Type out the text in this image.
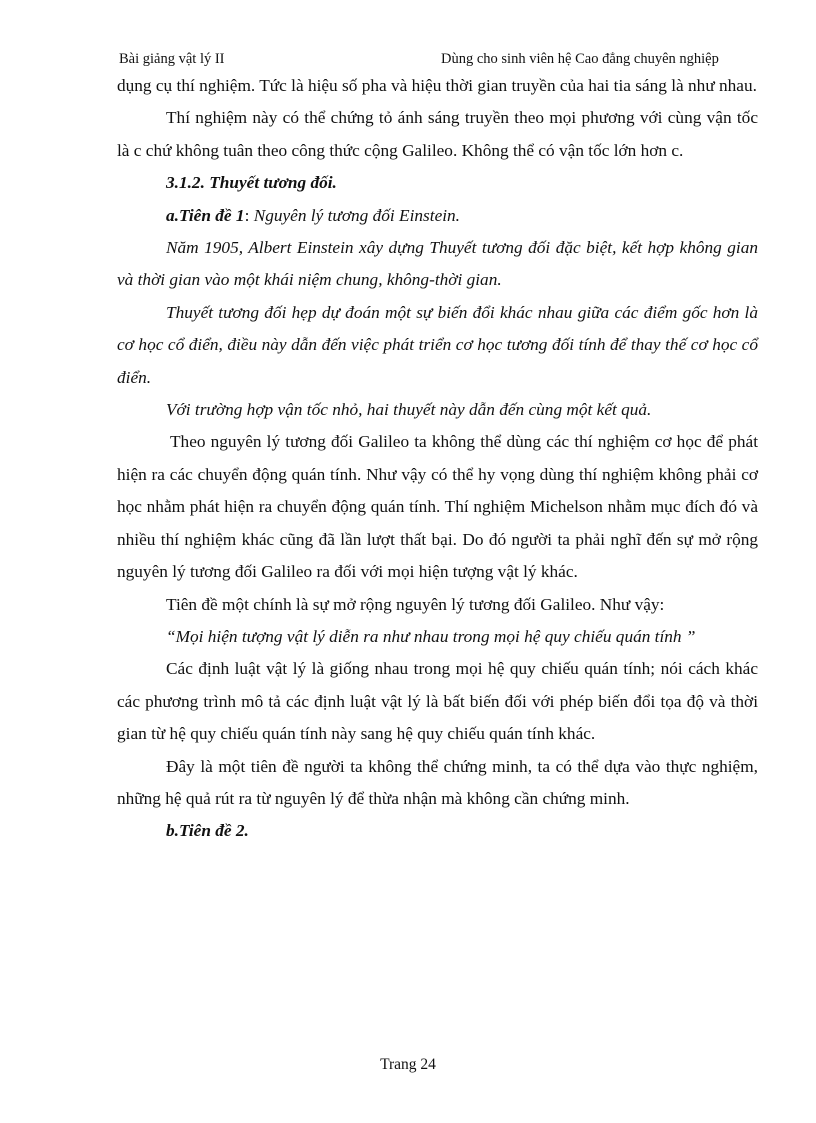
Bài giảng vật lý II	Dùng cho sinh viên hệ Cao đẳng chuyên nghiệp

dụng cụ thí nghiệm. Tức là hiệu số pha và hiệu thời gian truyền của hai tia sáng là như nhau.

Thí nghiệm này có thể chứng tỏ ánh sáng truyền theo mọi phương với cùng vận tốc là c chứ không tuân theo công thức cộng Galileo. Không thể có vận tốc lớn hơn c.

3.1.2. Thuyết tương đối.

a.Tiên đề 1: Nguyên lý tương đối Einstein.

Năm 1905, Albert Einstein xây dựng Thuyết tương đối đặc biệt, kết hợp không gian và thời gian vào một khái niệm chung, không-thời gian.

Thuyết tương đối hẹp dự đoán một sự biến đổi khác nhau giữa các điểm gốc hơn là cơ học cổ điển, điều này dẫn đến việc phát triển cơ học tương đối tính để thay thế cơ học cổ điển.

Với trường hợp vận tốc nhỏ, hai thuyết này dẫn đến cùng một kết quả.

Theo nguyên lý tương đối Galileo ta không thể dùng các thí nghiệm cơ học để phát hiện ra các chuyển động quán tính. Như vậy có thể hy vọng dùng thí nghiệm không phải cơ học nhằm phát hiện ra chuyển động quán tính. Thí nghiệm Michelson nhằm mục đích đó và nhiều thí nghiệm khác cũng đã lần lượt thất bại. Do đó người ta phải nghĩ đến sự mở rộng nguyên lý tương đối Galileo ra đối với mọi hiện tượng vật lý khác.

Tiên đề một chính là sự mở rộng nguyên lý tương đối Galileo. Như vậy:

“Mọi hiện tượng vật lý diễn ra như nhau trong mọi hệ quy chiếu quán tính ”

Các định luật vật lý là giống nhau trong mọi hệ quy chiếu quán tính; nói cách khác các phương trình mô tả các định luật vật lý là bất biến đối với phép biến đổi tọa độ và thời gian từ hệ quy chiếu quán tính này sang hệ quy chiếu quán tính khác.

Đây là một tiên đề người ta không thể chứng minh, ta có thể dựa vào thực nghiệm, những hệ quả rút ra từ nguyên lý để thừa nhận mà không cần chứng minh.

b.Tiên đề 2.

Trang 24
